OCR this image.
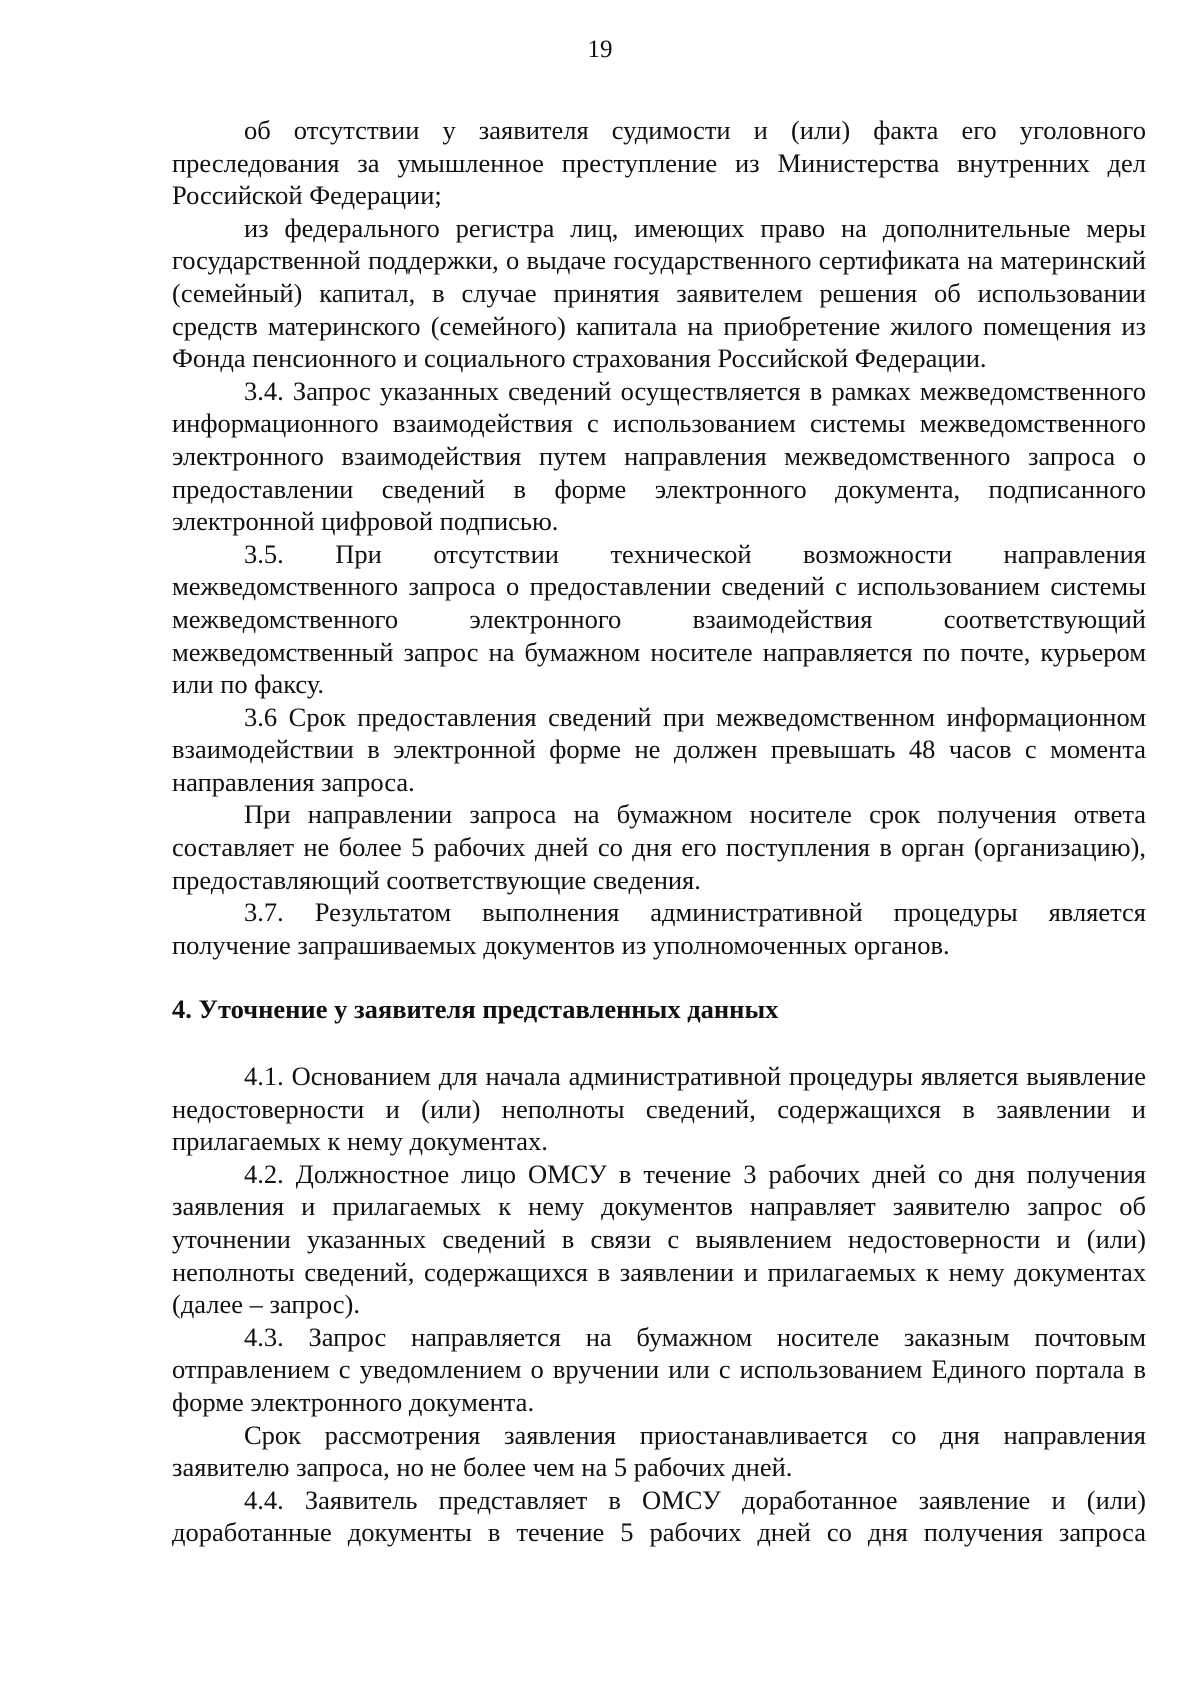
19

об отсутствии у заявителя судимости и (или) факта его уголовного преследования за умышленное преступление из Министерства внутренних дел Российской Федерации;

из федерального регистра лиц, имеющих право на дополнительные меры государственной поддержки, о выдаче государственного сертификата на материнский (семейный) капитал, в случае принятия заявителем решения об использовании средств материнского (семейного) капитала на приобретение жилого помещения из Фонда пенсионного и социального страхования Российской Федерации.

3.4. Запрос указанных сведений осуществляется в рамках межведомственного информационного взаимодействия с использованием системы межведомственного электронного взаимодействия путем направления межведомственного запроса о предоставлении сведений в форме электронного документа, подписанного электронной цифровой подписью.

3.5. При отсутствии технической возможности направления межведомственного запроса о предоставлении сведений с использованием системы межведомственного электронного взаимодействия соответствующий межведомственный запрос на бумажном носителе направляется по почте, курьером или по факсу.

3.6 Срок предоставления сведений при межведомственном информационном взаимодействии в электронной форме не должен превышать 48 часов с момента направления запроса.

При направлении запроса на бумажном носителе срок получения ответа составляет не более 5 рабочих дней со дня его поступления в орган (организацию), предоставляющий соответствующие сведения.

3.7. Результатом выполнения административной процедуры является получение запрашиваемых документов из уполномоченных органов.

4. Уточнение у заявителя представленных данных

4.1. Основанием для начала административной процедуры является выявление недостоверности и (или) неполноты сведений, содержащихся в заявлении и прилагаемых к нему документах.

4.2. Должностное лицо ОМСУ в течение 3 рабочих дней со дня получения заявления и прилагаемых к нему документов направляет заявителю запрос об уточнении указанных сведений в связи с выявлением недостоверности и (или) неполноты сведений, содержащихся в заявлении и прилагаемых к нему документах (далее – запрос).

4.3. Запрос направляется на бумажном носителе заказным почтовым отправлением с уведомлением о вручении или с использованием Единого портала в форме электронного документа.

Срок рассмотрения заявления приостанавливается со дня направления заявителю запроса, но не более чем на 5 рабочих дней.

4.4. Заявитель представляет в ОМСУ доработанное заявление и (или) доработанные документы в течение 5 рабочих дней со дня получения запроса
